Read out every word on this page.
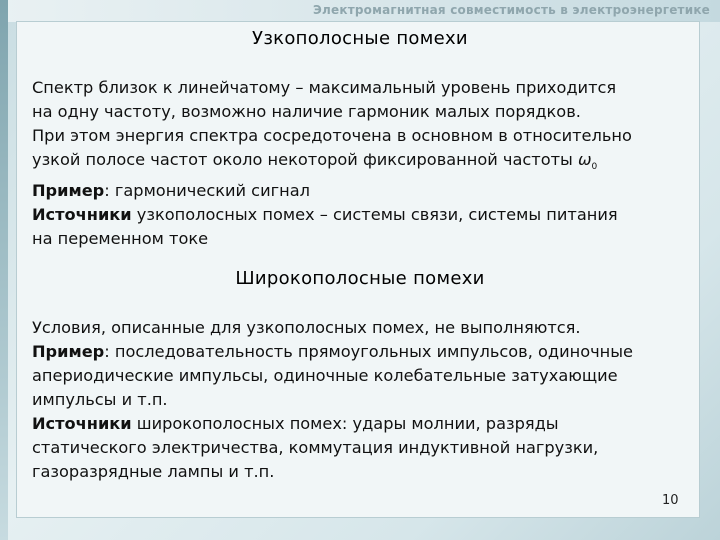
Электромагнитная совместимость в электроэнергетике
Узкополосные помехи
Спектр близок к линейчатому – максимальный уровень приходится
на одну частоту, возможно наличие гармоник малых порядков.
При этом энергия спектра сосредоточена в основном в относительно
узкой полосе частот около некоторой фиксированной частоты $\omega_0$
Пример: гармонический сигнал
Источники узкополосных помех – системы связи, системы питания
на переменном токе
Широкополосные помехи
Условия, описанные для узкополосных помех, не выполняются.
Пример: последовательность прямоугольных импульсов, одиночные
апериодические импульсы, одиночные колебательные затухающие
импульсы и т.п.
Источники широкополосных помех: удары молнии, разряды
статического электричества, коммутация индуктивной нагрузки,
газоразрядные лампы и т.п.
10
